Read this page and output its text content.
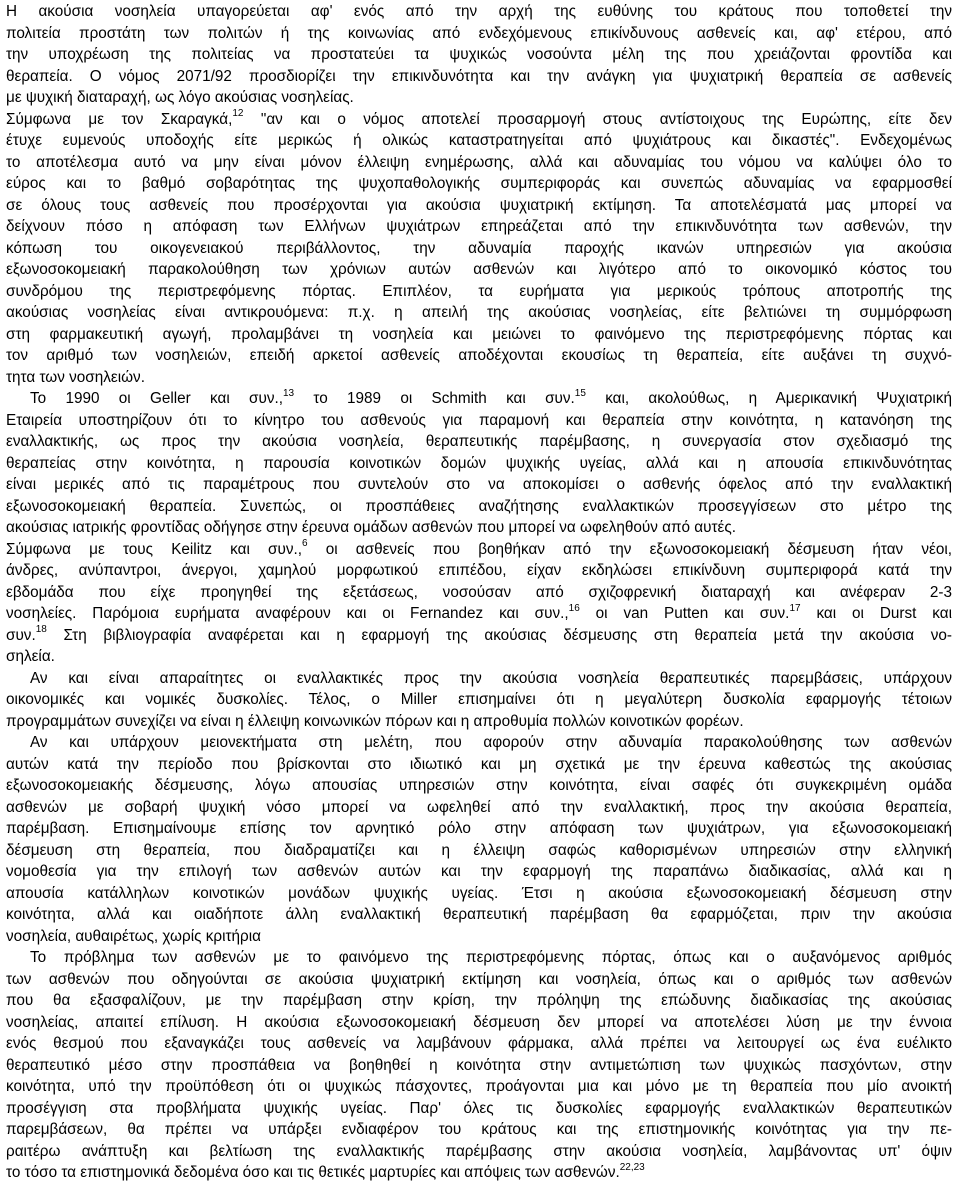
Η ακούσια νοσηλεία υπαγορεύεται αφ' ενός από την αρχή της ευθύνης του κράτους που τοποθετεί την
πολιτεία προστάτη των πολιτών ή της κοινωνίας από ενδεχόμενους επικίνδυνους ασθενείς και, αφ' ετέρου, από
την υποχρέωση της πολιτείας να προστατεύει τα ψυχικώς νοσούντα μέλη της που χρειάζονται φροντίδα και
θεραπεία. Ο νόμος 2071/92 προσδιορίζει την επικινδυνότητα και την ανάγκη για ψυχιατρική θεραπεία σε ασθενείς
με ψυχική διαταραχή, ως λόγο ακούσιας νοσηλείας.
Σύμφωνα με τον Σκαραγκά,$^{12}$ "αν και ο νόμος αποτελεί προσαρμογή στους αντίστοιχους της Ευρώπης, είτε δεν
έτυχε ευμενούς υποδοχής είτε μερικώς ή ολικώς καταστρατηγείται από ψυχιάτρους και δικαστές". Ενδεχομένως
το αποτέλεσμα αυτό να μην είναι μόνον έλλειψη ενημέρωσης, αλλά και αδυναμίας του νόμου να καλύψει όλο το
εύρος και το βαθμό σοβαρότητας της ψυχοπαθολογικής συμπεριφοράς και συνεπώς αδυναμίας να εφαρμοσθεί
σε όλους τους ασθενείς που προσέρχονται για ακούσια ψυχιατρική εκτίμηση. Τα αποτελέσματά μας μπορεί να
δείχνουν πόσο η απόφαση των Ελλήνων ψυχιάτρων επηρεάζεται από την επικινδυνότητα των ασθενών, την
κόπωση του οικογενειακού περιβάλλοντος, την αδυναμία παροχής ικανών υπηρεσιών για ακούσια
εξωνοσοκομειακή παρακολούθηση των χρόνιων αυτών ασθενών και λιγότερο από το οικονομικό κόστος του
συνδρόμου της περιστρεφόμενης πόρτας. Επιπλέον, τα ευρήματα για μερικούς τρόπους αποτροπής της
ακούσιας νοσηλείας είναι αντικρουόμενα: π.χ. η απειλή της ακούσιας νοσηλείας, είτε βελτιώνει τη συμμόρφωση
στη φαρμακευτική αγωγή, προλαμβάνει τη νοσηλεία και μειώνει το φαινόμενο της περιστρεφόμενης πόρτας και
τον αριθμό των νοσηλειών, επειδή αρκετοί ασθενείς αποδέχονται εκουσίως τη θεραπεία, είτε αυξάνει τη συχνό-
τητα των νοσηλειών.
Το 1990 οι Geller και συν.,$^{13}$ το 1989 οι Schmith και συν.$^{15}$ και, ακολούθως, η Αμερικανική Ψυχιατρική
Εταιρεία υποστηρίζουν ότι το κίνητρο του ασθενούς για παραμονή και θεραπεία στην κοινότητα, η κατανόηση της
εναλλακτικής, ως προς την ακούσια νοσηλεία, θεραπευτικής παρέμβασης, η συνεργασία στον σχεδιασμό της
θεραπείας στην κοινότητα, η παρουσία κοινοτικών δομών ψυχικής υγείας, αλλά και η απουσία επικινδυνότητας
είναι μερικές από τις παραμέτρους που συντελούν στο να αποκομίσει ο ασθενής όφελος από την εναλλακτική
εξωνοσοκομειακή θεραπεία. Συνεπώς, οι προσπάθειες αναζήτησης εναλλακτικών προσεγγίσεων στο μέτρο της
ακούσιας ιατρικής φροντίδας οδήγησε στην έρευνα ομάδων ασθενών που μπορεί να ωφεληθούν από αυτές.
Σύμφωνα με τους Keilitz και συν.,$^6$ οι ασθενείς που βοηθήκαν από την εξωνοσοκομειακή δέσμευση ήταν νέοι,
άνδρες, ανύπαντροι, άνεργοι, χαμηλού μορφωτικού επιπέδου, είχαν εκδηλώσει επικίνδυνη συμπεριφορά κατά την
εβδομάδα που είχε προηγηθεί της εξετάσεως, νοσούσαν από σχιζοφρενική διαταραχή και ανέφεραν 2-3
νοσηλείες. Παρόμοια ευρήματα αναφέρουν και οι Fernandez και συν.,$^{16}$ οι van Putten και συν.$^{17}$ και οι Durst και
συν.$^{18}$ Στη βιβλιογραφία αναφέρεται και η εφαρμογή της ακούσιας δέσμευσης στη θεραπεία μετά την ακούσια νο-
σηλεία.
Αν και είναι απαραίτητες οι εναλλακτικές προς την ακούσια νοσηλεία θεραπευτικές παρεμβάσεις, υπάρχουν
οικονομικές και νομικές δυσκολίες. Τέλος, ο Miller επισημαίνει ότι η μεγαλύτερη δυσκολία εφαρμογής τέτοιων
προγραμμάτων συνεχίζει να είναι η έλλειψη κοινωνικών πόρων και η απροθυμία πολλών κοινοτικών φορέων.
Αν και υπάρχουν μειονεκτήματα στη μελέτη, που αφορούν στην αδυναμία παρακολούθησης των ασθενών
αυτών κατά την περίοδο που βρίσκονται στο ιδιωτικό και μη σχετικά με την έρευνα καθεστώς της ακούσιας
εξωνοσοκομειακής δέσμευσης, λόγω απουσίας υπηρεσιών στην κοινότητα, είναι σαφές ότι συγκεκριμένη ομάδα
ασθενών με σοβαρή ψυχική νόσο μπορεί να ωφεληθεί από την εναλλακτική, προς την ακούσια θεραπεία,
παρέμβαση. Επισημαίνουμε επίσης τον αρνητικό ρόλο στην απόφαση των ψυχιάτρων, για εξωνοσοκομειακή
δέσμευση στη θεραπεία, που διαδραματίζει και η έλλειψη σαφώς καθορισμένων υπηρεσιών στην ελληνική
νομοθεσία για την επιλογή των ασθενών αυτών και την εφαρμογή της παραπάνω διαδικασίας, αλλά και η
απουσία κατάλληλων κοινοτικών μονάδων ψυχικής υγείας. Έτσι η ακούσια εξωνοσοκομειακή δέσμευση στην
κοινότητα, αλλά και οιαδήποτε άλλη εναλλακτική θεραπευτική παρέμβαση θα εφαρμόζεται, πριν την ακούσια
νοσηλεία, αυθαιρέτως, χωρίς κριτήρια
Το πρόβλημα των ασθενών με το φαινόμενο της περιστρεφόμενης πόρτας, όπως και ο αυξανόμενος αριθμός
των ασθενών που οδηγούνται σε ακούσια ψυχιατρική εκτίμηση και νοσηλεία, όπως και ο αριθμός των ασθενών
που θα εξασφαλίζουν, με την παρέμβαση στην κρίση, την πρόληψη της επώδυνης διαδικασίας της ακούσιας
νοσηλείας, απαιτεί επίλυση. Η ακούσια εξωνοσοκομειακή δέσμευση δεν μπορεί να αποτελέσει λύση με την έννοια
ενός θεσμού που εξαναγκάζει τους ασθενείς να λαμβάνουν φάρμακα, αλλά πρέπει να λειτουργεί ως ένα ευέλικτο
θεραπευτικό μέσο στην προσπάθεια να βοηθηθεί η κοινότητα στην αντιμετώπιση των ψυχικώς πασχόντων, στην
κοινότητα, υπό την προϋπόθεση ότι οι ψυχικώς πάσχοντες, προάγονται μια και μόνο με τη θεραπεία που μίο ανοικτή
προσέγγιση στα προβλήματα ψυχικής υγείας. Παρ' όλες τις δυσκολίες εφαρμογής εναλλακτικών θεραπευτικών
παρεμβάσεων, θα πρέπει να υπάρξει ενδιαφέρον του κράτους και της επιστημονικής κοινότητας για την πε-
ραιτέρω ανάπτυξη και βελτίωση της εναλλακτικής παρέμβασης στην ακούσια νοσηλεία, λαμβάνοντας υπ' όψιν
το τόσο τα επιστημονικά δεδομένα όσο και τις θετικές μαρτυρίες και απόψεις των ασθενών.$^{22,23}$
